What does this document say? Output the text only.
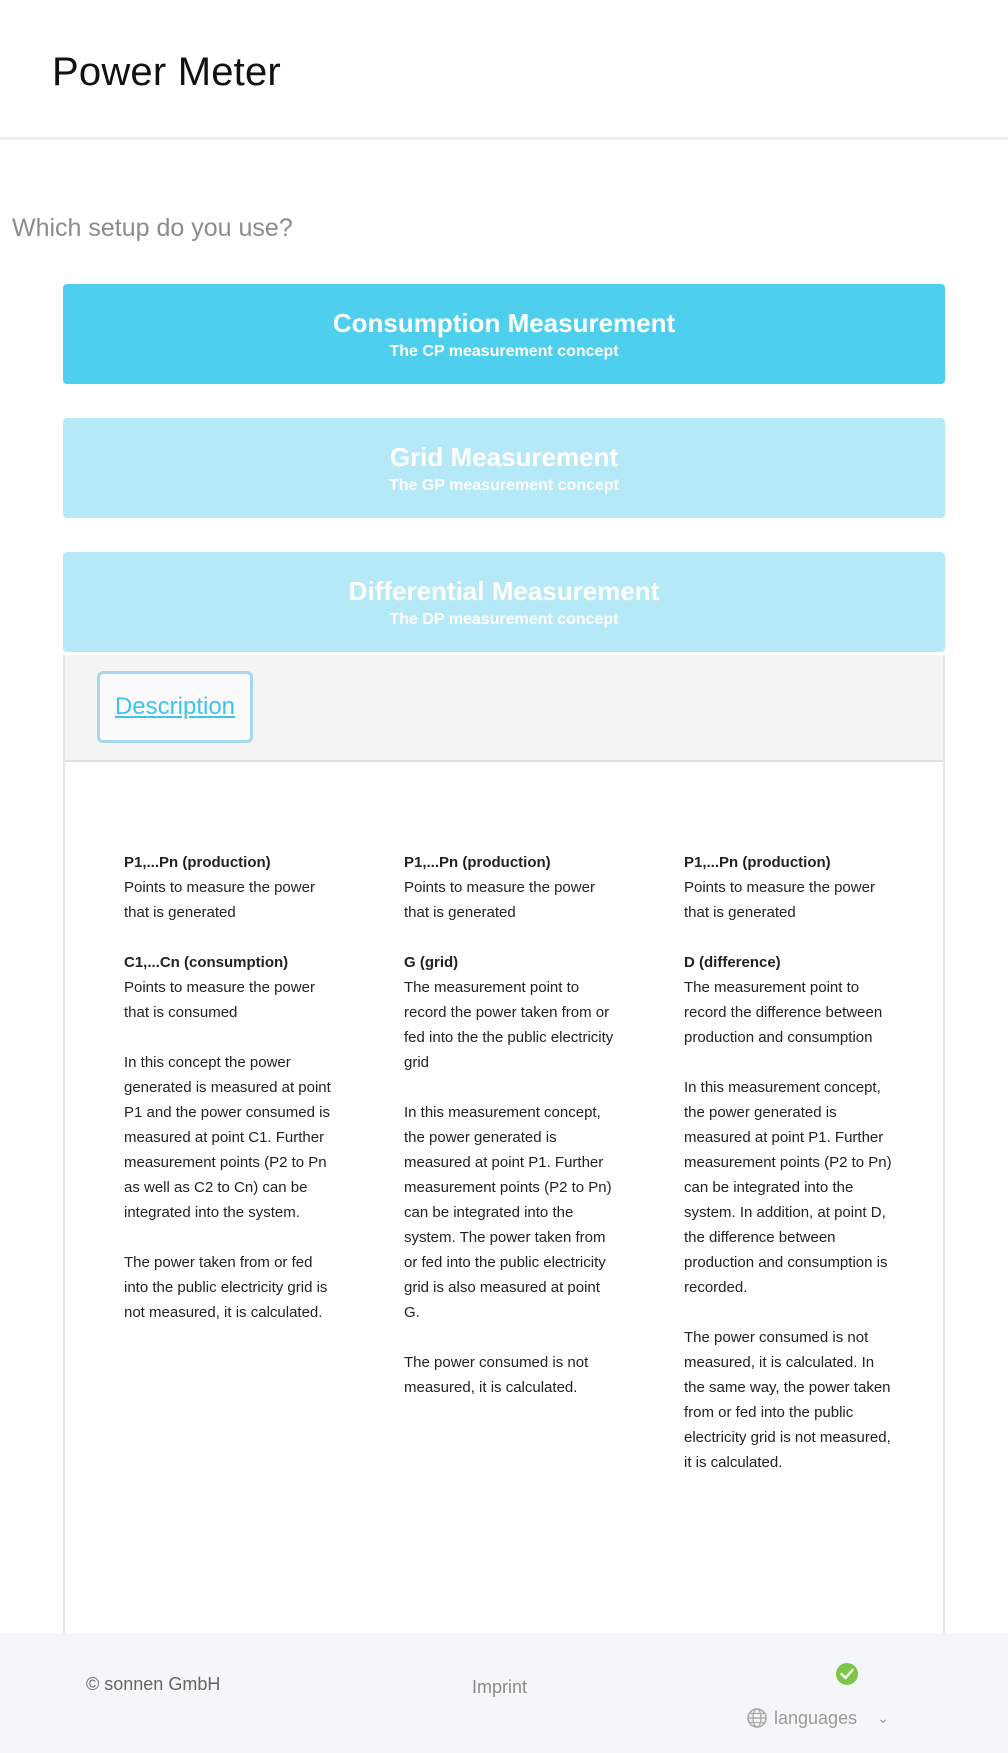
Power Meter
Which setup do you use?
Consumption Measurement
The CP measurement concept
Grid Measurement
The GP measurement concept
Differential Measurement
The DP measurement concept
Description

P1,...Pn (production)
Points to measure the power that is generated

C1,...Cn (consumption)
Points to measure the power that is consumed

In this concept the power generated is measured at point P1 and the power consumed is measured at point C1. Further measurement points (P2 to Pn as well as C2 to Cn) can be integrated into the system.

The power taken from or fed into the public electricity grid is not measured, it is calculated.

P1,...Pn (production)
Points to measure the power that is generated

G (grid)
The measurement point to record the power taken from or fed into the the public electricity grid

In this measurement concept, the power generated is measured at point P1. Further measurement points (P2 to Pn) can be integrated into the system. The power taken from or fed into the public electricity grid is also measured at point G.

The power consumed is not measured, it is calculated.

P1,...Pn (production)
Points to measure the power that is generated

D (difference)
The measurement point to record the difference between production and consumption

In this measurement concept, the power generated is measured at point P1. Further measurement points (P2 to Pn) can be integrated into the system. In addition, at point D, the difference between production and consumption is recorded.

The power consumed is not measured, it is calculated. In the same way, the power taken from or fed into the public electricity grid is not measured, it is calculated.

© sonnen GmbH	Imprint
languages ⌄
